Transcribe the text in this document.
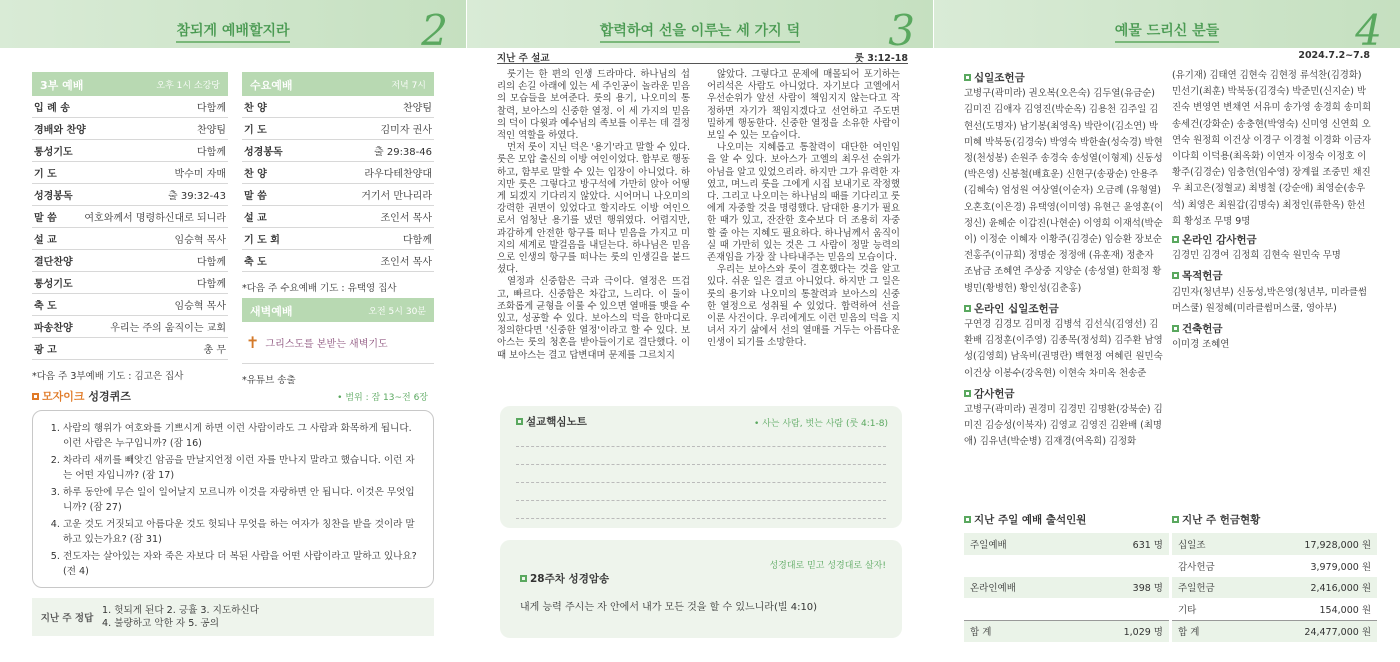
참되게 예배할지라	2
3부 예배	오후 1시 소강당
입 례 송	다함께
경배와 찬양	찬양팀
통성기도	다함께
기 도	박수미 자매
성경봉독	출 39:32-43
말 씀	여호와께서 명령하신대로 되니라
설 교	임승혁 목사
결단찬양	다함께
통성기도	다함께
축 도	임승혁 목사
파송찬양	우리는 주의 움직이는 교회
광 고	총 무
*다음 주 3부예배 기도 : 김고은 집사
수요예배	저녁 7시
찬 양	찬양팀
기 도	김미자 권사
성경봉독	출 29:38-46
찬 양	라우다테찬양대
말 씀	거기서 만나리라
설 교	조인서 목사
기 도 회	다함께
축 도	조인서 목사
*다음 주 수요예배 기도 : 유택영 집사
새벽예배	오전 5시 30분
✝ 그리스도를 본받는 새벽기도
*유튜브 송출
모자이크 성경퀴즈	• 범위 : 잠 13~전 6장
1. 사람의 행위가 여호와를 기쁘시게 하면 이런 사람이라도 그 사람과 화목하게 됩니다. 이런 사람은 누구입니까? (잠 16)
2. 차라리 새끼를 빼앗긴 암곰을 만날지언정 이런 자를 만나지 말라고 했습니다. 이런 자는 어떤 자입니까? (잠 17)
3. 하루 동안에 무슨 일이 일어날지 모르니까 이것을 자랑하면 안 됩니다. 이것은 무엇입니까? (잠 27)
4. 고운 것도 거짓되고 아름다운 것도 헛되나 무엇을 하는 여자가 칭찬을 받을 것이라 말하고 있는가요? (잠 31)
5. 전도자는 살아있는 자와 죽은 자보다 더 복된 사람을 어떤 사람이라고 말하고 있나요? (전 4)
지난 주 정답
1. 헛되게 된다 2. 긍휼 3. 지도하신다
4. 불량하고 악한 자 5. 공의
합력하여 선을 이루는 세 가지 덕	3
지난 주 설교	룻 3:12-18

룻기는 한 편의 인생 드라마다. 하나님의 섭리의 손길 아래에 있는 세 주인공이 놀라운 믿음의 모습들을 보여준다. 룻의 용기, 나오미의 통찰력, 보아스의 신중한 열정. 이 세 가지의 믿음의 덕이 다윗과 예수님의 족보를 이루는 데 결정적인 역할을 하였다.

먼저 룻이 지닌 덕은 '용기'라고 말할 수 있다. 룻은 모압 출신의 이방 여인이었다. 합부로 행동하고, 함부로 말할 수 있는 입장이 아니었다. 하지만 룻은 그렇다고 방구석에 가만히 앉아 어떻게 되겠지 기다리지 않았다. 시어머니 나오미의 강력한 권면이 있었다고 할지라도 이방 여인으로서 엄청난 용기를 냈던 행위였다. 어렵지만, 과감하게 안전한 항구를 떠나 믿음을 가지고 미지의 세계로 발걸음을 내딛는다. 하나님은 믿음으로 인생의 항구를 떠나는 룻의 인생길을 붙드셨다.

열정과 신중함은 극과 극이다. 열정은 뜨겁고, 빠르다. 신중함은 차갑고, 느리다. 이 둘이 조화롭게 균형을 이룰 수 있으면 열매를 맺을 수 있고, 성공할 수 있다. 보아스의 덕을 한마디로 정의한다면 '신중한 열정'이라고 할 수 있다. 보아스는 룻의 청혼을 받아들이기로 결단했다. 이때 보아스는 결고 답변대며 문제를 그르치지

않았다. 그렇다고 문제에 매몰되어 포기하는 어리석은 사람도 아니었다. 자기보다 고엘에서 우선순위가 앞선 사람이 책임지지 않는다고 작정하면 자기가 책임지겠다고 선언하고 주도면밀하게 행동한다. 신중한 열정을 소유한 사람이 보일 수 있는 모습이다.

나오미는 지혜롭고 통찰력이 대단한 여인임을 알 수 있다. 보아스가 고엘의 최우선 순위가 아님을 알고 있었으리라. 하지만 그가 유력한 자였고, 며느리 룻을 그에게 시집 보내기로 작정했다. 그리고 나오미는 하나님의 때를 기다리고 룻에게 자중할 것을 명령했다. 담대한 용기가 필요한 때가 있고, 잔잔한 호수보다 더 조용히 자중할 줄 아는 지혜도 필요하다. 하나님께서 움직이실 때 가만히 있는 것은 그 사람이 정말 능력의 존재임을 가장 잘 나타내주는 믿음의 모습이다.

우리는 보아스와 룻이 결혼했다는 것을 알고 있다. 쉬운 일은 결코 아니었다. 하지만 그 일은 룻의 용기와 나오미의 통찰력과 보아스의 신중한 열정으로 성취될 수 있었다. 합력하여 선을 이룬 사건이다. 우리에게도 이런 믿음의 덕을 지녀서 자기 삶에서 선의 열매를 거두는 아름다운 인생이 되기를 소망한다.

설교핵심노트	• 사는 사람, 벗는 사람 (룻 4:1-8)
성경대로 믿고 성경대로 살자!
28주차 성경암송
내게 능력 주시는 자 안에서 내가 모든 것을 할 수 있느니라(빌 4:10)
예물 드리신 분들	4
2024.7.2~7.8
십일조헌금
고병구(곽미라) 권오복(오은숙) 김두열(유금순) 김미진 김애자 김영진(박순옥) 김용천 김주일 김현선(도명자) 남기봉(최영옥) 박란이(김소연) 박미혜 박북동(김경숙) 박영숙 박한솔(성숙경) 박현정(천성봉) 손원주 송경숙 송성열(이형제) 신동성(박은영) 신봉철(배효운) 신현구(송광순) 안용주(김혜숙) 엄성원 여상열(이순자) 오금례 (유형열) 오혼호(이은경) 유택영(이미영) 유현근 윤영훈(이정신) 윤혜순 이갑진(나현순) 이영희 이재석(박순이) 이정순 이혜자 이황주(김경순) 임승환 장보순 전홍주(이규희) 정명순 정정애 (유훈재) 정춘자 조남금 조혜연 주상중 지양순 (송성열) 한희정 황병민(황병헌) 황인성(김춘홍)
온라인 십일조헌금
구연경 김경모 김미정 김병석 김선식(김영선) 김환배 김정훈(이주영) 김종목(정성희) 김주환 남영성(김영희) 남욱비(권명란) 백현정 여혜린 원민숙 이건상 이봉수(강옥현) 이현숙 차미옥 천송준
감사헌금
고병구(곽미라) 권경미 김경민 김명환(강북순) 김미진 김승성(이북자) 김영교 김영진 김완배 (최명애) 김유년(박순병) 김재경(여옥희) 김정화
(유기재) 김태연 김현숙 김현정 류석찬(김경화) 민선기(최훈) 박북동(김경숙) 박준민(신지순) 박진숙 변영연 변채연 서유미 송가영 송경희 송미희 송세건(강화순) 송충현(박영숙) 신미영 신연희 오연숙 원정희 이건상 이경구 이경철 이경화 이금자 이다희 이덕용(최옥화) 이연자 이정숙 이정호 이황주(김경순) 임충헌(임수영) 장계월 조중민 채진우 최고은(정혈교) 최병철 (강순애) 최영순(송우석) 최영은 최원갑(김명숙) 최정인(류한옥) 한선희 황성조 무명 9명
온라인 감사헌금
김경민 김경여 김정희 김현숙 원민숙 무명
목적헌금
김민자(청년부) 신동성,박은영(청년부, 미라클썸머스쿨) 원정혜(미라클썸머스쿨, 영아부)
건축헌금
이미경 조혜연
지난 주일 예배 출석인원
주일예배	631 명

온라인예배	398 명

합 계	1,029 명
지난 주 헌금현황
십일조	17,928,000 원
감사헌금	3,979,000 원
주일헌금	2,416,000 원
기타	154,000 원
합 계	24,477,000 원
